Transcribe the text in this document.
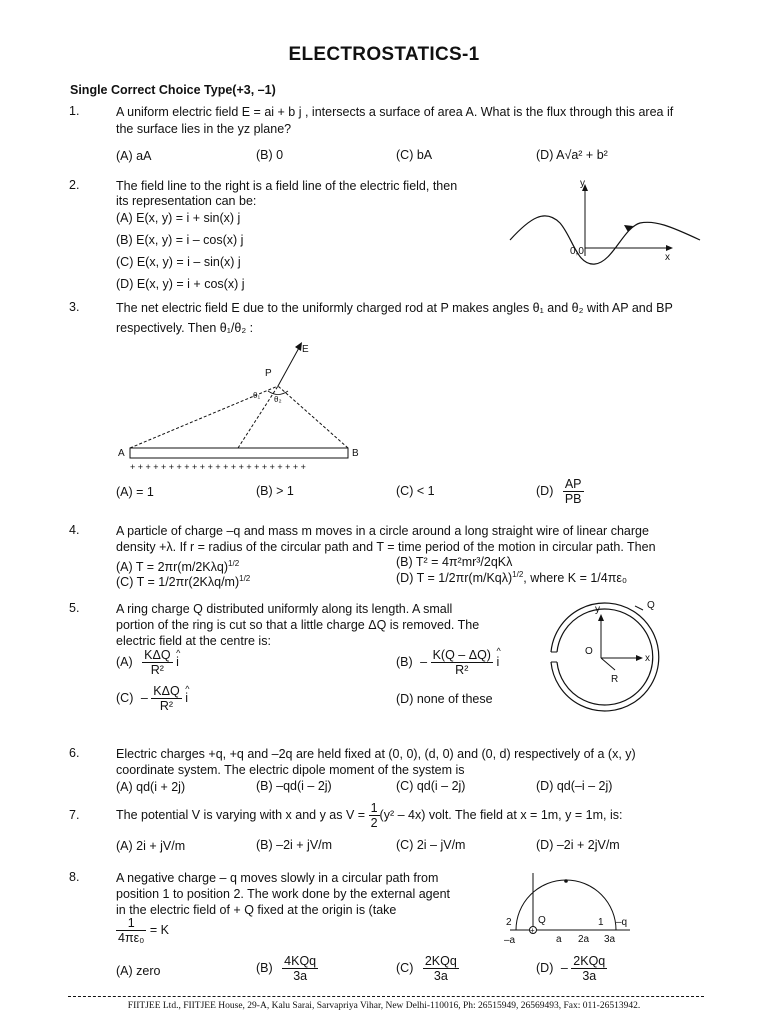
ELECTROSTATICS-1
Single Correct Choice Type(+3, –1)
1.	A uniform electric field E = ai + b j , intersects a surface of area A. What is the flux through this area if
the surface lies in the yz plane?
(A) aA	(B) 0	(C) bA	(D) A√a² + b²
2.	The field line to the right is a field line of the electric field, then
its representation can be:
(A) E(x, y) = i + sin(x) j
(B) E(x, y) = i – cos(x) j
(C) E(x, y) = i – sin(x) j
(D) E(x, y) = i + cos(x) j
y
x
0,0
3.	The net electric field E due to the uniformly charged rod at P makes angles θ₁ and θ₂ with AP and BP
respectively. Then θ₁/θ₂ :
E
P
θ₁ θ₂
A	B
+ + + + + + + + + + + + + + + + + + + + + + +
(A) = 1	(B) > 1	(C) < 1	$(D) \frac{AP}{PB}$
4.	A particle of charge –q and mass m moves in a circle around a long straight wire of linear charge
density +λ. If r = radius of the circular path and T = time period of the motion in circular path. Then
(A) $T = 2\pi r(m/2K\lambda q)^{1/2}$	(B) T² = 4π²mr³/2qKλ
(C) $T = 1/2\pi r(2K\lambda q/m)^{1/2}$	(D) $T = 1/2\pi r(m/Kq\lambda)^{1/2}$, where K = 1/4πε₀
5.	A ring charge Q distributed uniformly along its length. A small
portion of the ring is cut so that a little charge ΔQ is removed. The
electric field at the centre is:
$(A) \frac{\text{KΔQ}}{\text{R²}}$ ^ i	$(B) - \frac{K(Q - \Delta Q)}{\text{R²}}$ ^ i
$(C) - \frac{\text{KΔQ}}{\text{R²}}$ ^ i	(D) none of these
Q
y
x
O
R
6.	Electric charges +q, +q and –2q are held fixed at (0, 0), (d, 0) and (0, d) respectively of a (x, y)
coordinate system. The electric dipole moment of the system is
(A) qd(i + 2j)	(B) –qd(i – 2j)	(C) qd(i – 2j)	(D) qd(–i – 2j)
7.	The potential V is varying with x and y as $V = \frac{1}{2} (y^2 - 4x)$ volt. The field at x = 1m, y = 1m, is:
(A) 2i + jV/m	(B) –2i + jV/m	(C) 2i – jV/m	(D) –2i + 2jV/m
8.	A negative charge – q moves slowly in a circular path from
position 1 to position 2. The work done by the external agent
in the electric field of + Q fixed at the origin is (take
$\frac{1}{\text{4πε₀}} = K$
(A) zero	$(B) \frac{\text{4KQq}}{3a}$	$(C) \frac{\text{2KQq}}{3a}$	$(D) - \frac{\text{2KQq}}{3a}$
+
2	Q	1 –q
–a	a 2a 3a
FIITJEE Ltd., FIITJEE House, 29-A, Kalu Sarai, Sarvapriya Vihar, New Delhi-110016, Ph: 26515949, 26569493, Fax: 011-26513942.
